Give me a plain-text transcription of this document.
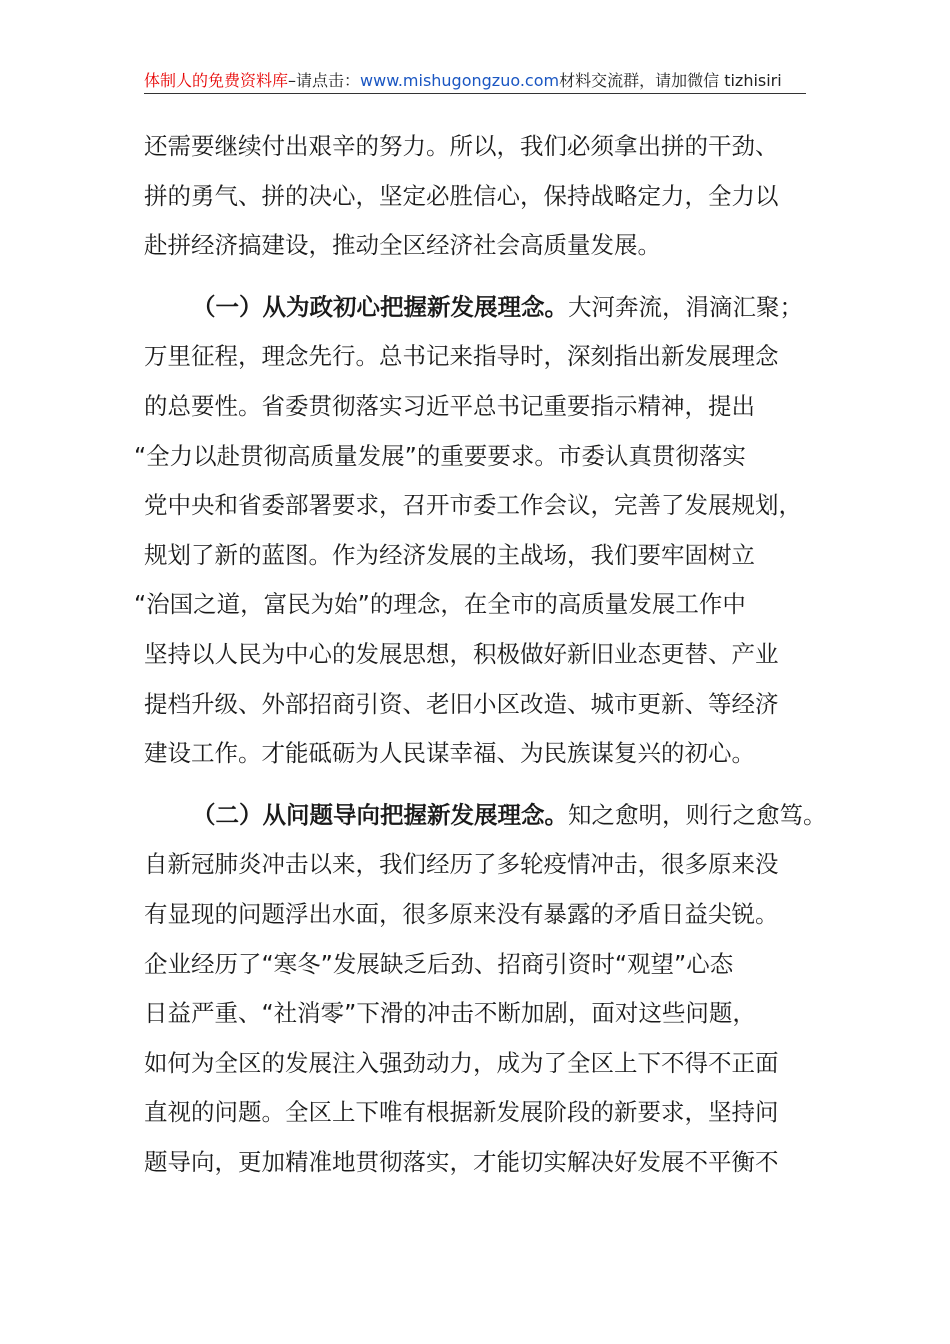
体制人的免费资料库–请点击：www.mishugongzuo.com材料交流群，请加微信 tizhisiri
还需要继续付出艰辛的努力。所以，我们必须拿出拼的干劲、
拼的勇气、拼的决心，坚定必胜信心，保持战略定力，全力以
赴拼经济搞建设，推动全区经济社会高质量发展。
（一）从为政初心把握新发展理念。大河奔流，涓滴汇聚；
万里征程，理念先行。总书记来指导时，深刻指出新发展理念
的总要性。省委贯彻落实习近平总书记重要指示精神，提出
“全力以赴贯彻高质量发展”的重要要求。市委认真贯彻落实
党中央和省委部署要求，召开市委工作会议，完善了发展规划，
规划了新的蓝图。作为经济发展的主战场，我们要牢固树立
“治国之道，富民为始”的理念，在全市的高质量发展工作中
坚持以人民为中心的发展思想，积极做好新旧业态更替、产业
提档升级、外部招商引资、老旧小区改造、城市更新、等经济
建设工作。才能砥砺为人民谋幸福、为民族谋复兴的初心。
（二）从问题导向把握新发展理念。知之愈明，则行之愈笃。
自新冠肺炎冲击以来，我们经历了多轮疫情冲击，很多原来没
有显现的问题浮出水面，很多原来没有暴露的矛盾日益尖锐。
企业经历了“寒冬”发展缺乏后劲、招商引资时“观望”心态
日益严重、“社消零”下滑的冲击不断加剧，面对这些问题，
如何为全区的发展注入强劲动力，成为了全区上下不得不正面
直视的问题。全区上下唯有根据新发展阶段的新要求，坚持问
题导向，更加精准地贯彻落实，才能切实解决好发展不平衡不
